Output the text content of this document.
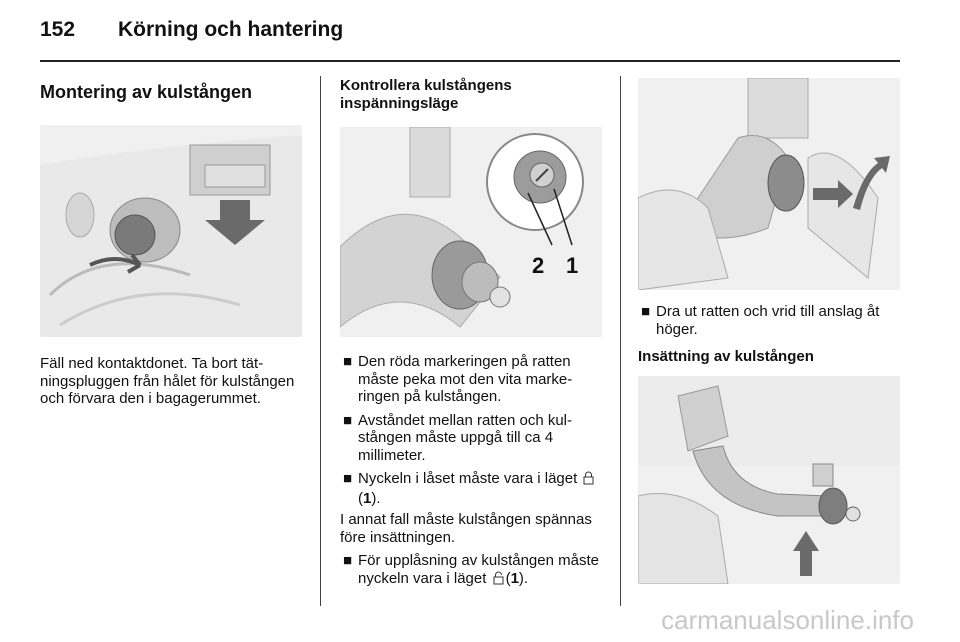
152 Körning och hantering
Montering av kulstången

Fäll ned kontaktdonet. Ta bort tätningspluggen från hålet för kulstången och förvara den i bagagerummet.

Kontrollera kulstångens
inspänningsläge
2 1
■ Den röda markeringen på ratten måste peka mot den vita markeringen på kulstången.
■ Avståndet mellan ratten och kulstången måste uppgå till ca 4 millimeter.
■ Nyckeln i låset måste vara i läget (1).

I annat fall måste kulstången spännas före insättningen.

■ För upplåsning av kulstången måste nyckeln vara i läget (1).
■ Dra ut ratten och vrid till anslag åt höger.
Insättning av kulstången
carmanualsonline.info
